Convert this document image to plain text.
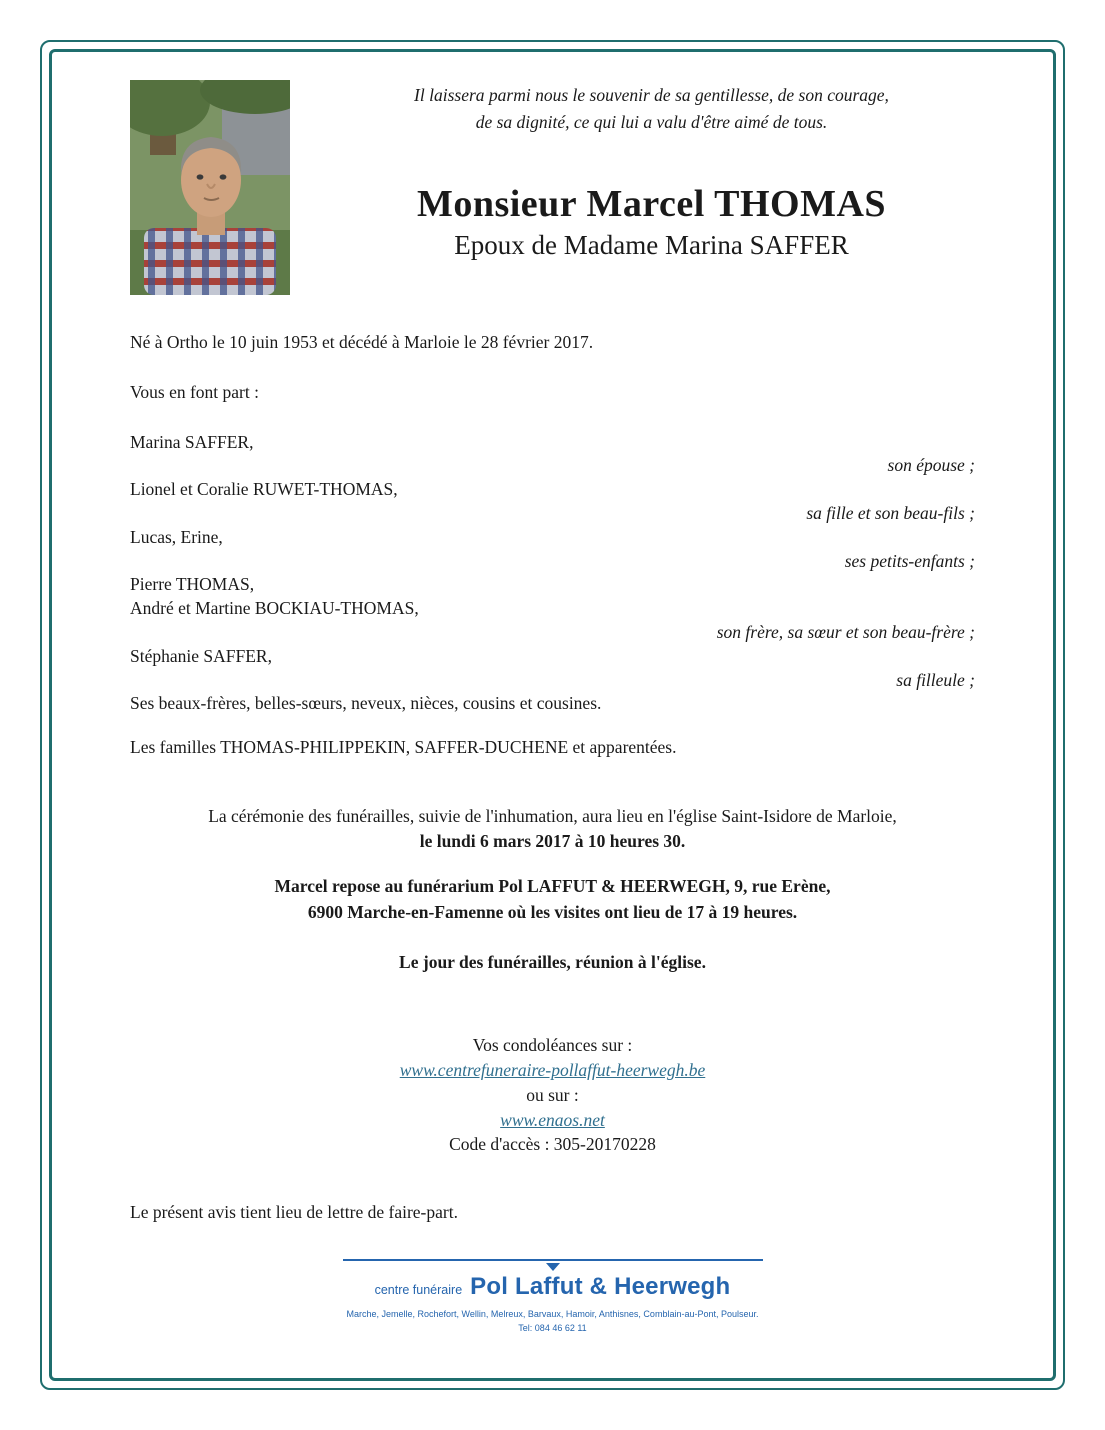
Il laissera parmi nous le souvenir de sa gentillesse, de son courage,
de sa dignité, ce qui lui a valu d'être aimé de tous.

Monsieur Marcel THOMAS
Epoux de Madame Marina SAFFER

Né à Ortho le 10 juin 1953 et décédé à Marloie le 28 février 2017.

Vous en font part :

Marina SAFFER,
son épouse ;
Lionel et Coralie RUWET-THOMAS,
sa fille et son beau-fils ;
Lucas, Erine,
ses petits-enfants ;
Pierre THOMAS,
André et Martine BOCKIAU-THOMAS,
son frère, sa sœur et son beau-frère ;
Stéphanie SAFFER,
sa filleule ;

Ses beaux-frères, belles-sœurs, neveux, nièces, cousins et cousines.

Les familles THOMAS-PHILIPPEKIN, SAFFER-DUCHENE et apparentées.

La cérémonie des funérailles, suivie de l'inhumation, aura lieu en l'église Saint-Isidore de Marloie,
le lundi 6 mars 2017 à 10 heures 30.
Marcel repose au funérarium Pol LAFFUT & HEERWEGH, 9, rue Erène,
6900 Marche-en-Famenne où les visites ont lieu de 17 à 19 heures.

Le jour des funérailles, réunion à l'église.

Vos condoléances sur :
www.centrefuneraire-pollaffut-heerwegh.be
ou sur :
www.enaos.net
Code d'accès : 305-20170228

Le présent avis tient lieu de lettre de faire-part.

centre funéraire Pol Laffut & Heerwegh
Marche, Jemelle, Rochefort, Wellin, Melreux, Barvaux, Hamoir, Anthisnes, Comblain-au-Pont, Poulseur.
Tel: 084 46 62 11
